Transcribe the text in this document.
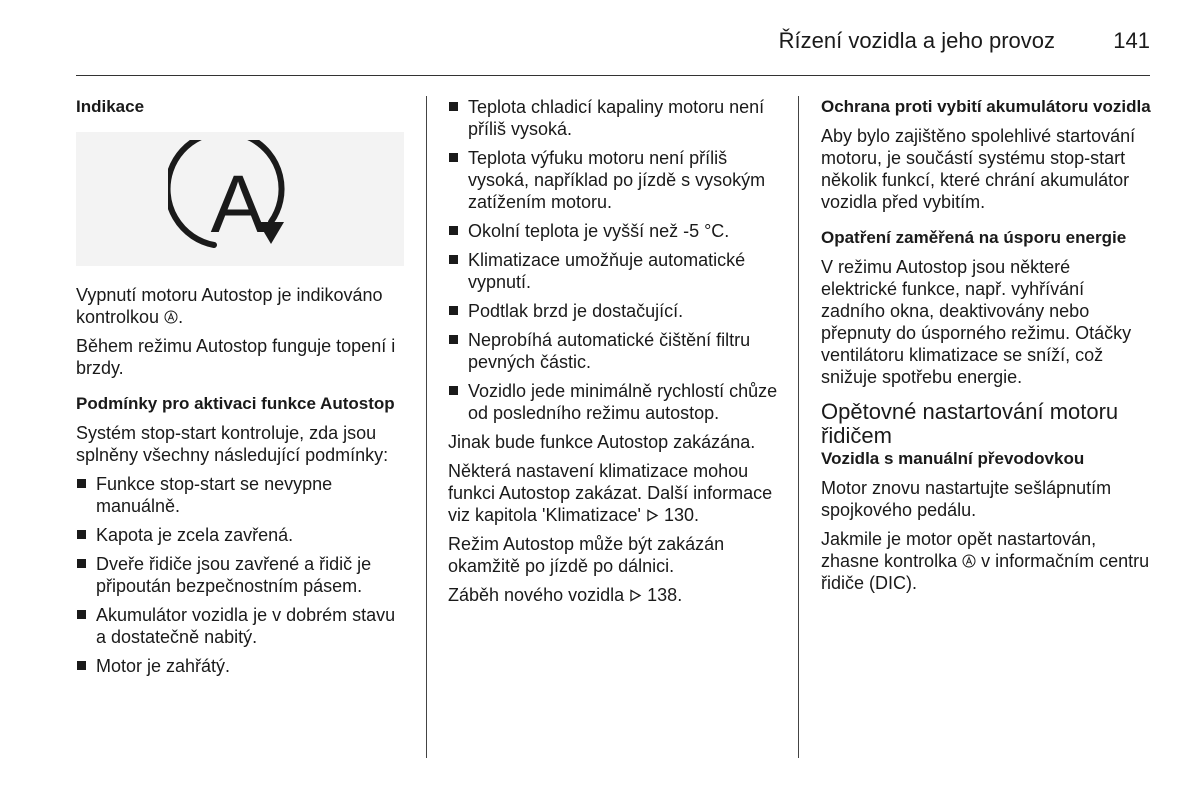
Řízení vozidla a jeho provoz	141

Indikace

A

Vypnutí motoru Autostop je indikováno kontrolkou .

Během režimu Autostop funguje topení i brzdy.

Podmínky pro aktivaci funkce Autostop

Systém stop-start kontroluje, zda jsou splněny všechny následující podmínky:

Funkce stop-start se nevypne manuálně.
Kapota je zcela zavřená.
Dveře řidiče jsou zavřené a řidič je připoután bezpečnostním pásem.
Akumulátor vozidla je v dobrém stavu a dostatečně nabitý.
Motor je zahřátý.
Teplota chladicí kapaliny motoru není příliš vysoká.
Teplota výfuku motoru není příliš vysoká, například po jízdě s vysokým zatížením motoru.
Okolní teplota je vyšší než -5 °C.
Klimatizace umožňuje automatické vypnutí.
Podtlak brzd je dostačující.
Neprobíhá automatické čištění filtru pevných částic.
Vozidlo jede minimálně rychlostí chůze od posledního režimu autostop.

Jinak bude funkce Autostop zakázána.

Některá nastavení klimatizace mohou funkci Autostop zakázat. Další informace viz kapitola 'Klimatizace' 130.

Režim Autostop může být zakázán okamžitě po jízdě po dálnici.

Záběh nového vozidla 138.

Ochrana proti vybití akumulátoru vozidla

Aby bylo zajištěno spolehlivé startování motoru, je součástí systému stop-start několik funkcí, které chrání akumulátor vozidla před vybitím.

Opatření zaměřená na úsporu energie

V režimu Autostop jsou některé elektrické funkce, např. vyhřívání zadního okna, deaktivovány nebo přepnuty do úsporného režimu. Otáčky ventilátoru klimatizace se sníží, což snižuje spotřebu energie.

Opětovné nastartování motoru řidičem

Vozidla s manuální převodovkou

Motor znovu nastartujte sešlápnutím spojkového pedálu.

Jakmile je motor opět nastartován, zhasne kontrolka  v informačním centru řidiče (DIC).
